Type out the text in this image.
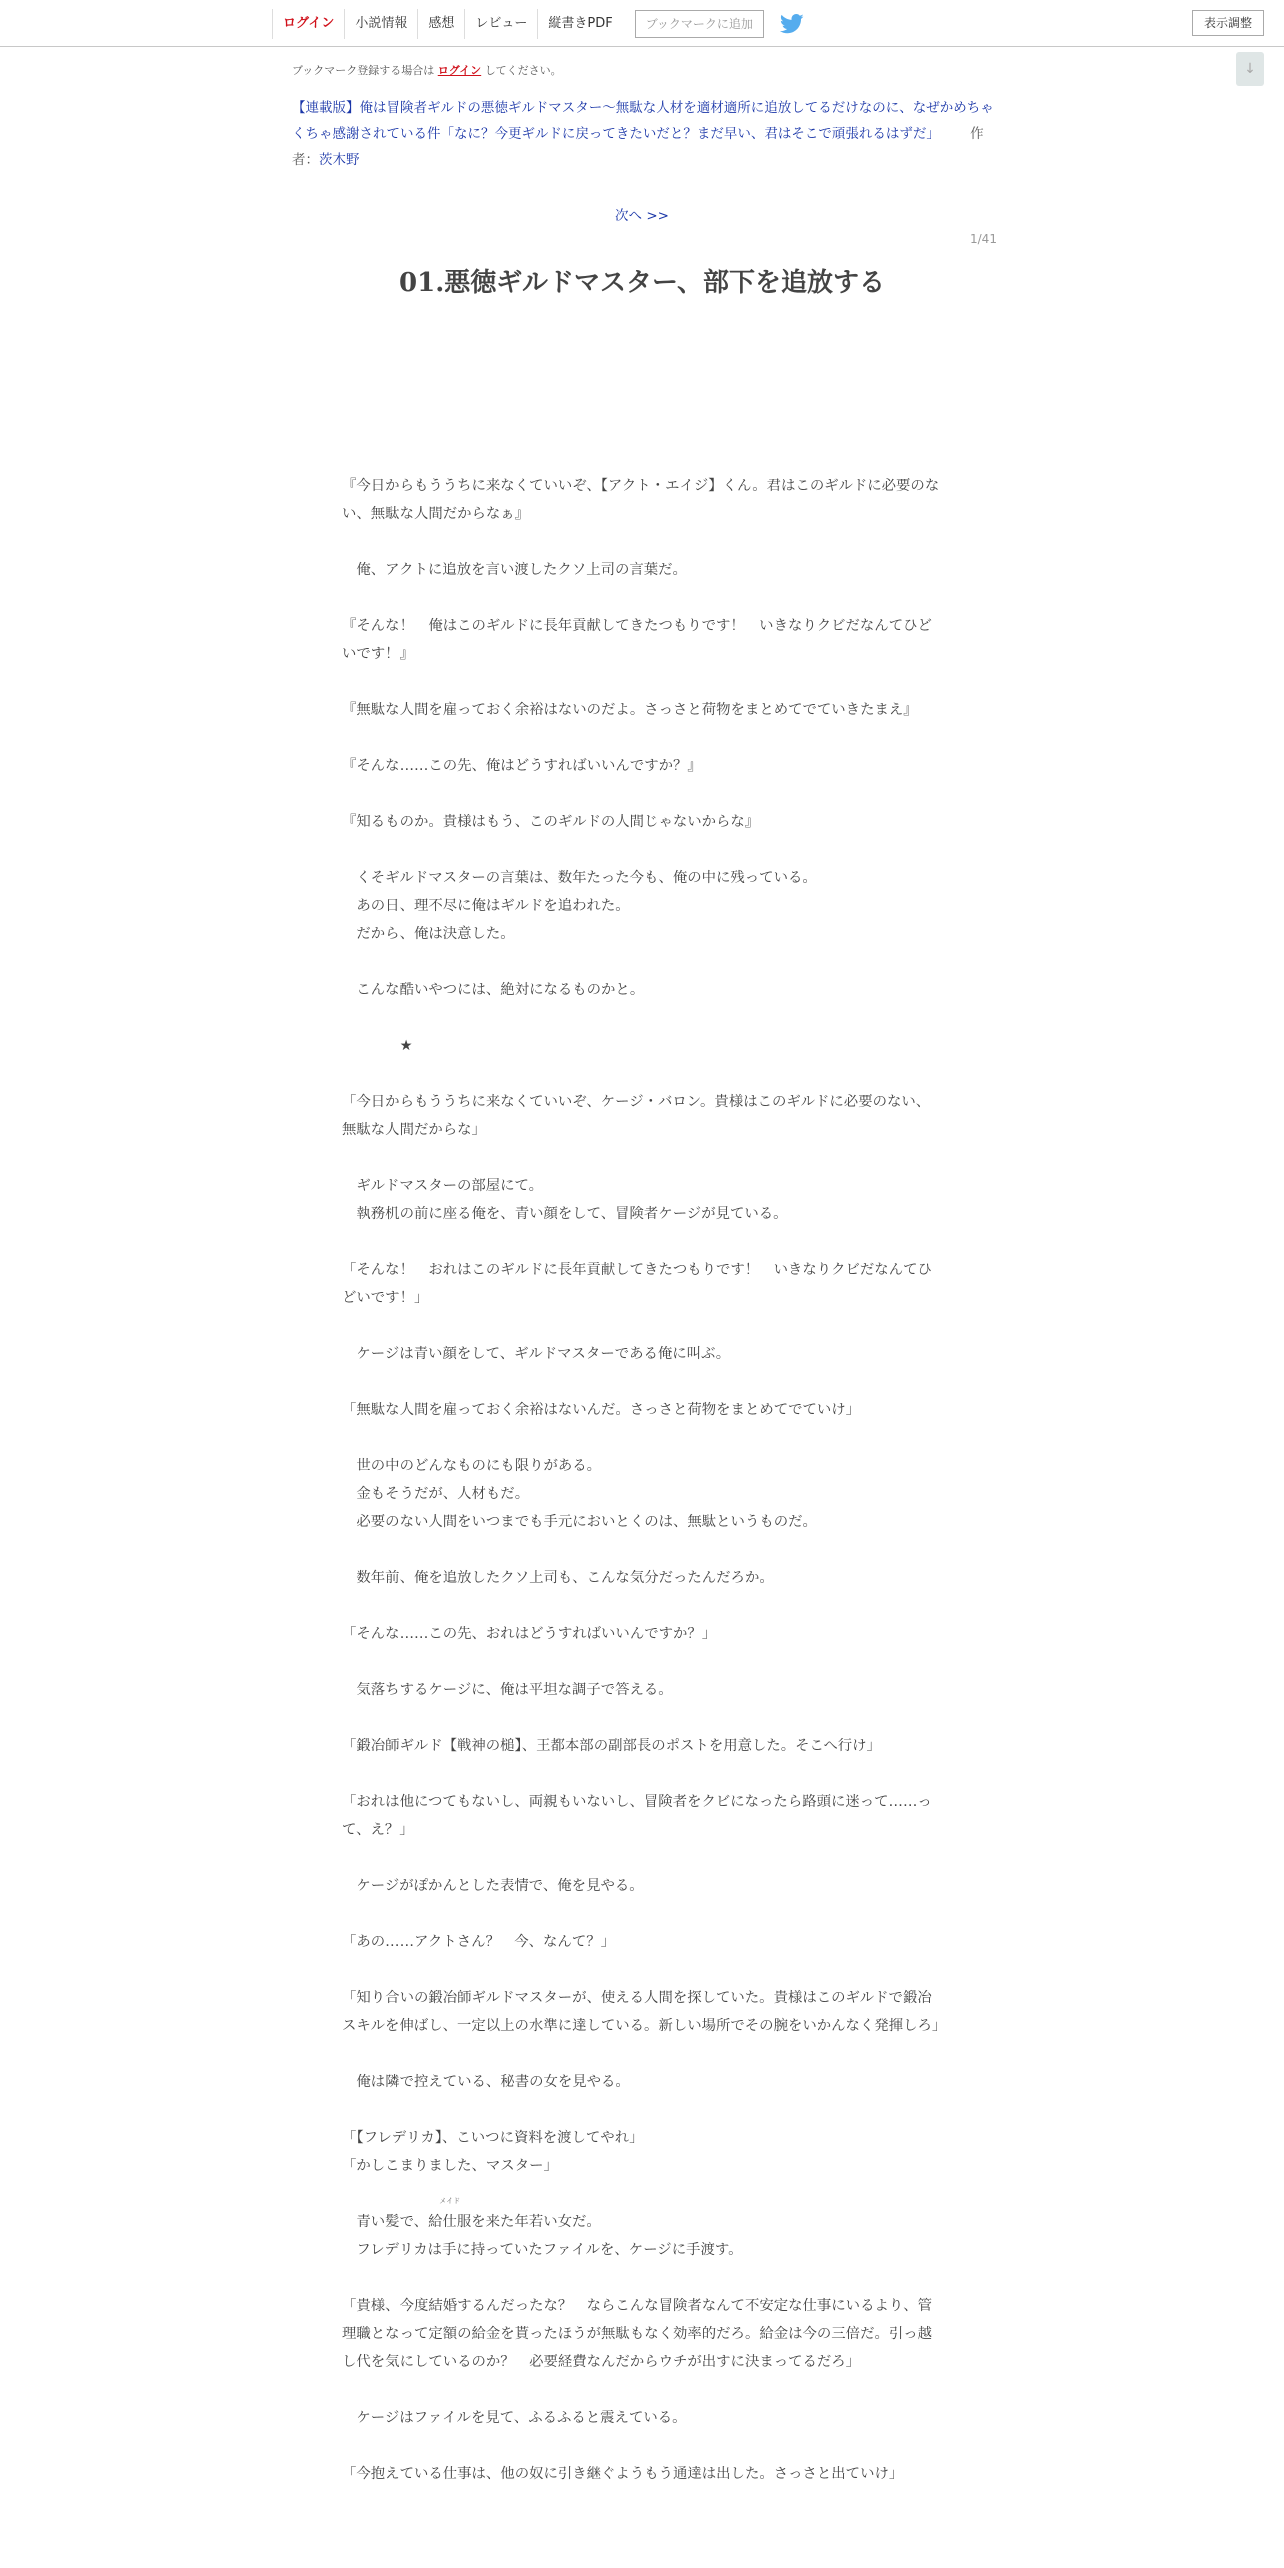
ログイン	小説情報	感想	レビュー	縦書きPDF	ブックマークに追加	表示調整
↓
ブックマーク登録する場合は ログイン してください。
【連載版】俺は冒険者ギルドの悪徳ギルドマスター～無駄な人材を適材適所に追放してるだけなのに、なぜかめちゃくちゃ感謝されている件「なに？今更ギルドに戻ってきたいだと？まだ早い、君はそこで頑張れるはずだ」 作者：茨木野
次へ >>
1/41
01.悪徳ギルドマスター、部下を追放する

『今日からもううちに来なくていいぞ、【アクト・エイジ】くん。君はこのギルドに必要のない、無駄な人間だからなぁ』

　俺、アクトに追放を言い渡したクソ上司の言葉だ。

『そんな！　俺はこのギルドに長年貢献してきたつもりです！　いきなりクビだなんてひどいです！』

『無駄な人間を雇っておく余裕はないのだよ。さっさと荷物をまとめてでていきたまえ』

『そんな……この先、俺はどうすればいいんですか？』

『知るものか。貴様はもう、このギルドの人間じゃないからな』

　くそギルドマスターの言葉は、数年たった今も、俺の中に残っている。

　あの日、理不尽に俺はギルドを追われた。

　だから、俺は決意した。

　こんな酷いやつには、絶対になるものかと。

　　　　★

「今日からもううちに来なくていいぞ、ケージ・バロン。貴様はこのギルドに必要のない、無駄な人間だからな」

　ギルドマスターの部屋にて。

　執務机の前に座る俺を、青い顔をして、冒険者ケージが見ている。

「そんな！　おれはこのギルドに長年貢献してきたつもりです！　いきなりクビだなんてひどいです！」

　ケージは青い顔をして、ギルドマスターである俺に叫ぶ。

「無駄な人間を雇っておく余裕はないんだ。さっさと荷物をまとめてでていけ」

　世の中のどんなものにも限りがある。

　金もそうだが、人材もだ。

　必要のない人間をいつまでも手元においとくのは、無駄というものだ。

　数年前、俺を追放したクソ上司も、こんな気分だったんだろか。

「そんな……この先、おれはどうすればいいんですか？」

　気落ちするケージに、俺は平坦な調子で答える。

「鍛冶師ギルド【戦神の槌】、王都本部の副部長のポストを用意した。そこへ行け」

「おれは他につてもないし、両親もいないし、冒険者をクビになったら路頭に迷って……って、え？」

　ケージがぽかんとした表情で、俺を見やる。

「あの……アクトさん？　今、なんて？」

「知り合いの鍛冶師ギルドマスターが、使える人間を探していた。貴様はこのギルドで鍛冶スキルを伸ばし、一定以上の水準に達している。新しい場所でその腕をいかんなく発揮しろ」

　俺は隣で控えている、秘書の女を見やる。

「【フレデリカ】、こいつに資料を渡してやれ」

「かしこまりました、マスター」

　青い髪で、
メイド
給仕服を来た年若い女だ。

　フレデリカは手に持っていたファイルを、ケージに手渡す。

「貴様、今度結婚するんだったな？　ならこんな冒険者なんて不安定な仕事にいるより、管理職となって定額の給金を貰ったほうが無駄もなく効率的だろ。給金は今の三倍だ。引っ越し代を気にしているのか？　必要経費なんだからウチが出すに決まってるだろ」

　ケージはファイルを見て、ふるふると震えている。

「今抱えている仕事は、他の奴に引き継ぐようもう通達は出した。さっさと出ていけ」
